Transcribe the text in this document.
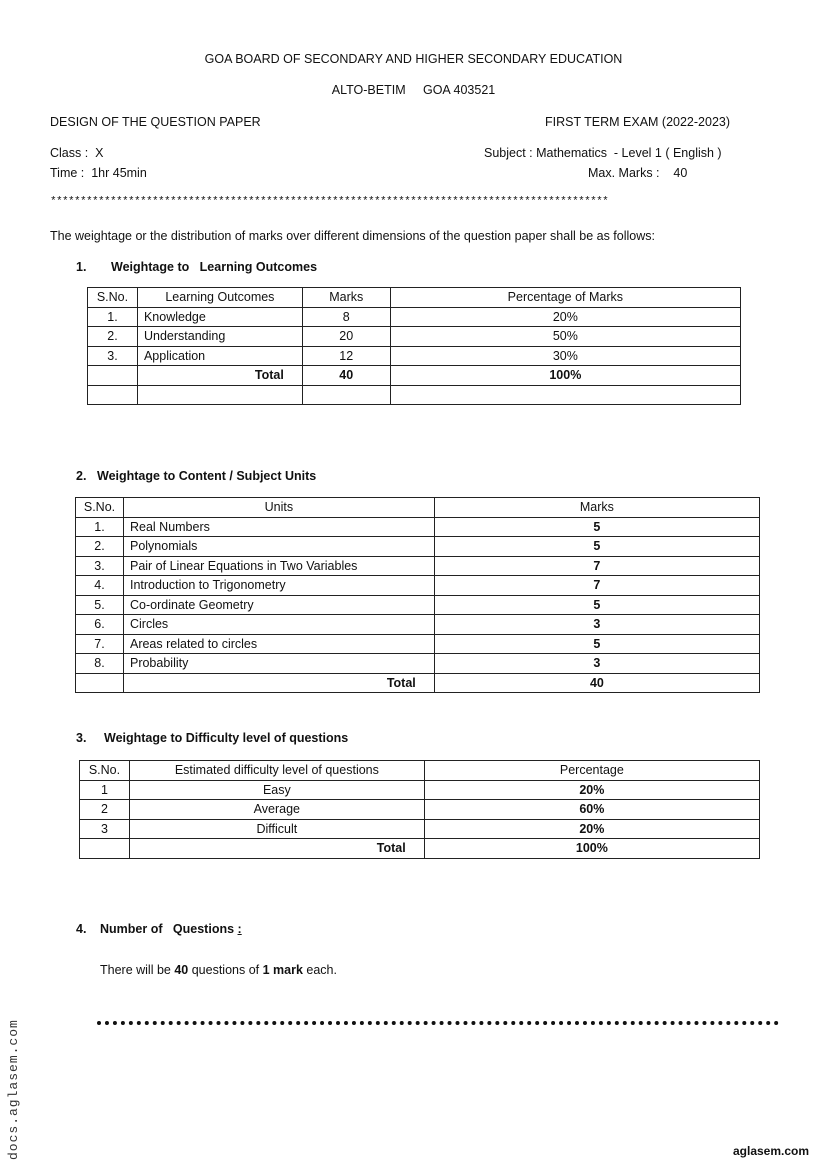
GOA BOARD OF SECONDARY AND HIGHER SECONDARY EDUCATION
ALTO-BETIM     GOA 403521
DESIGN OF THE QUESTION PAPER	FIRST TERM EXAM (2022-2023)
Class :  X	Subject : Mathematics  - Level 1 ( English )
Time :  1hr 45min	Max. Marks :    40
*********************************************************************************************
The weightage or the distribution of marks over different dimensions of the question paper shall be as follows:
1. Weightage to   Learning Outcomes
S.No.	Learning Outcomes	Marks	Percentage of Marks
1.	Knowledge	8	20%
2.	Understanding	20	50%
3.	Application	12	30%
	Total	40	100%

2. Weightage to Content / Subject Units
S.No.	Units	Marks
1.	Real Numbers	5
2.	Polynomials	5
3.	Pair of Linear Equations in Two Variables	7
4.	Introduction to Trigonometry	7
5.	Co-ordinate Geometry	5
6.	Circles	3
7.	Areas related to circles	5
8.	Probability	3
	Total	40
3. Weightage to Difficulty level of questions
S.No.	Estimated difficulty level of questions	Percentage
1	Easy	20%
2	Average	60%
3	Difficult	20%
	Total	100%
4. Number of   Questions :
There will be 40 questions of 1 mark each.
docs.aglasem.com	aglasem.com
